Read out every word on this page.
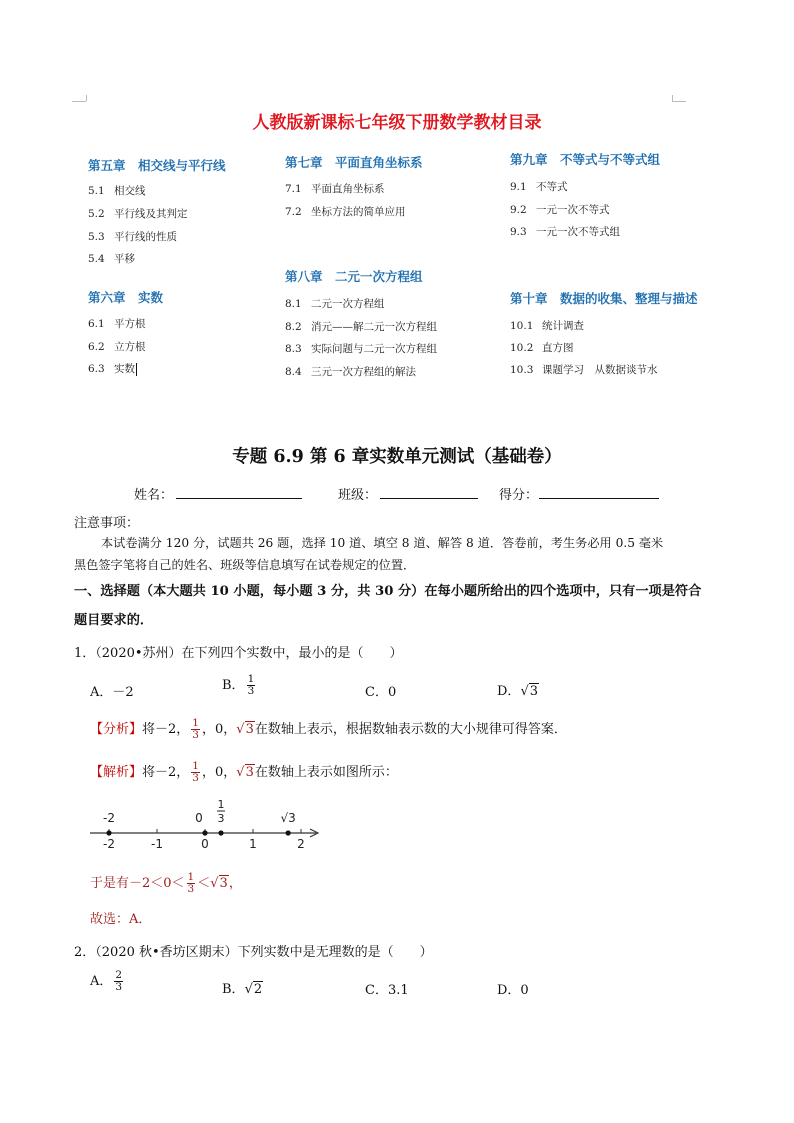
人教版新课标七年级下册数学教材目录
第五章　相交线与平行线
5.1 相交线
5.2 平行线及其判定
5.3 平行线的性质
5.4 平移
第六章　实数
6.1 平方根
6.2 立方根
6.3 实数
第七章　平面直角坐标系
7.1 平面直角坐标系
7.2 坐标方法的简单应用
第八章　二元一次方程组
8.1 二元一次方程组
8.2 消元——解二元一次方程组
8.3 实际问题与二元一次方程组
8.4 三元一次方程组的解法
第九章　不等式与不等式组
9.1 不等式
9.2 一元一次不等式
9.3 一元一次不等式组
第十章　数据的收集、整理与描述
10.1 统计调查
10.2 直方图
10.3 课题学习　从数据谈节水
专题 6.9 第 6 章实数单元测试（基础卷）
姓名：	班级：	得分：
注意事项：
本试卷满分 120 分，试题共 26 题，选择 10 道、填空 8 道、解答 8 道．答卷前，考生务必用 0.5 毫米
黑色签字笔将自己的姓名、班级等信息填写在试卷规定的位置．
一、选择题（本大题共 10 小题，每小题 3 分，共 30 分）在每小题所给出的四个选项中，只有一项是符合
题目要求的．
1．（2020•苏州）在下列四个实数中，最小的是（　　）
A．－2	B． $\frac{1}{3}$	C．0	D．√3
【分析】将－2， $\frac{1}{3}$ ，0，√3在数轴上表示，根据数轴表示数的大小规律可得答案．
【解析】将－2， $\frac{1}{3}$ ，0，√3在数轴上表示如图所示：
-2	-1	0	1	2
-2	0
1
3	√3
于是有$-2<0< \frac{1}{3} <√3$，
故选：A．
2．（2020 秋•香坊区期末）下列实数中是无理数的是（　　）
A． $\frac{2}{3}$	B．√2	C．3.1	D．0
